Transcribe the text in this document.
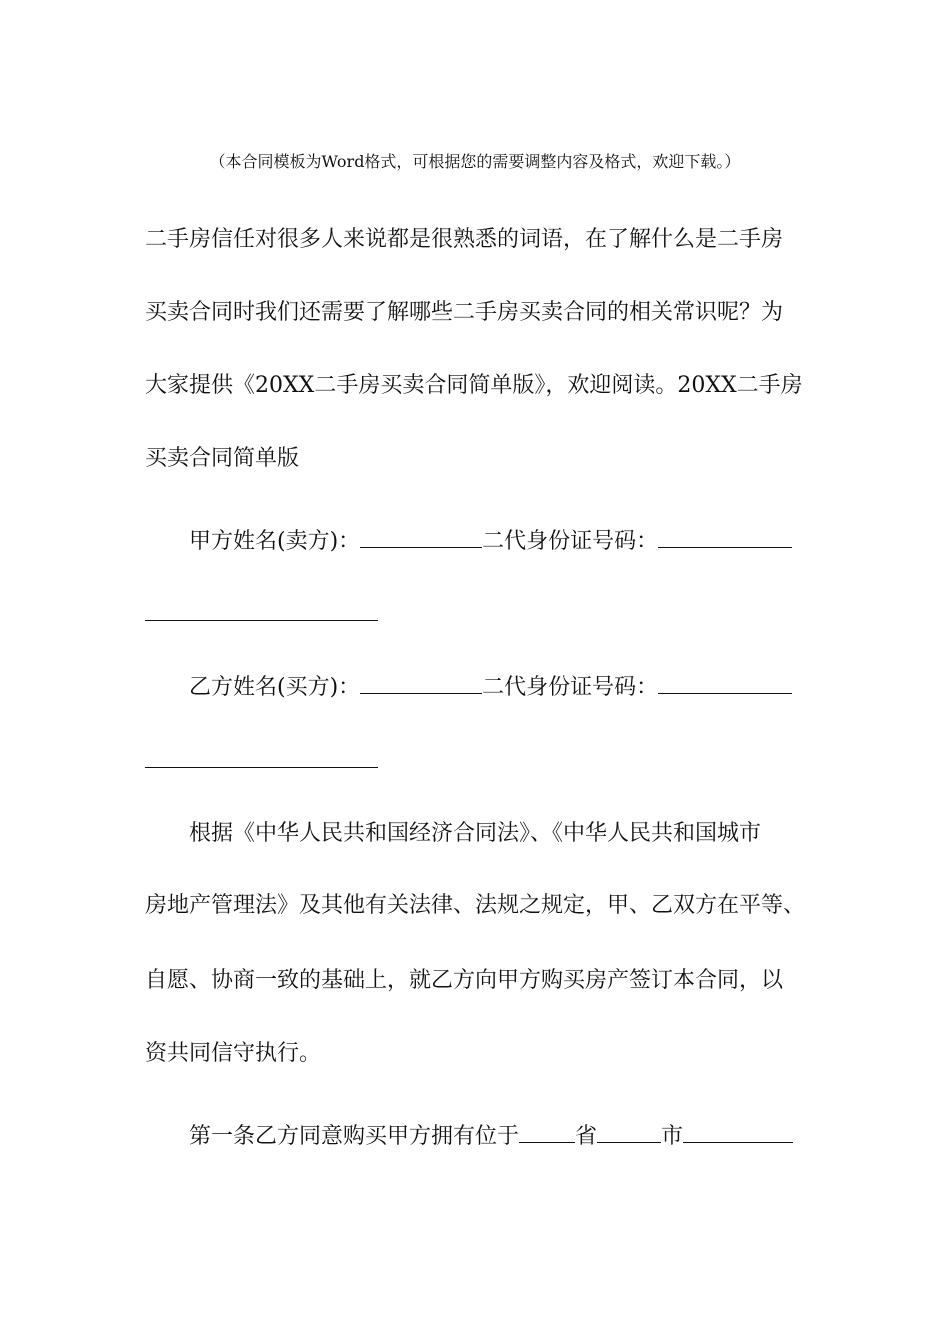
（本合同模板为Word格式，可根据您的需要调整内容及格式，欢迎下载。）
二手房信任对很多人来说都是很熟悉的词语，在了解什么是二手房
买卖合同时我们还需要了解哪些二手房买卖合同的相关常识呢？为
大家提供《20XX二手房买卖合同简单版》，欢迎阅读。20XX二手房
买卖合同简单版
甲方姓名(卖方)：	二代身份证号码：
乙方姓名(买方)：	二代身份证号码：
根据《中华人民共和国经济合同法》、《中华人民共和国城市
房地产管理法》及其他有关法律、法规之规定，甲、乙双方在平等、
自愿、协商一致的基础上，就乙方向甲方购买房产签订本合同，以
资共同信守执行。
第一条乙方同意购买甲方拥有位于	省	市
